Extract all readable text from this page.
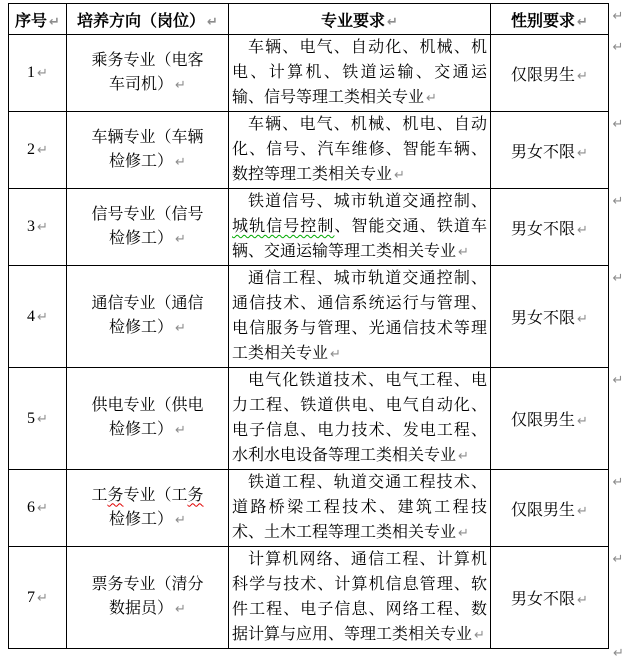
序号 ↵	培养方向（岗位） ↵	专业要求 ↵	性别要求 ↵
1 ↵	乘务专业（电客车司机） ↵	车辆、电气、自动化、机械、机电、计算机、铁道运输、交通运输、信号等理工类相关专业 ↵	仅限男生 ↵
2 ↵	车辆专业（车辆检修工） ↵	车辆、电气、机械、机电、自动化、信号、汽车维修、智能车辆、数控等理工类相关专业 ↵	男女不限 ↵
3 ↵	信号专业（信号检修工） ↵	铁道信号、城市轨道交通控制、城轨信号控制、智能交通、铁道车辆、交通运输等理工类相关专业 ↵	男女不限 ↵
4 ↵	通信专业（通信检修工） ↵	通信工程、城市轨道交通控制、通信技术、通信系统运行与管理、电信服务与管理、光通信技术等理工类相关专业 ↵	男女不限 ↵
5 ↵	供电专业（供电检修工） ↵	电气化铁道技术、电气工程、电力工程、铁道供电、电气自动化、电子信息、电力技术、发电工程、水利水电设备等理工类相关专业 ↵	仅限男生 ↵
6 ↵	工务专业（工务检修工） ↵	铁道工程、轨道交通工程技术、道路桥梁工程技术、建筑工程技术、土木工程等理工类相关专业 ↵	仅限男生 ↵
7 ↵	票务专业（清分数据员） ↵	计算机网络、通信工程、计算机科学与技术、计算机信息管理、软件工程、电子信息、网络工程、数据计算与应用、等理工类相关专业 ↵	男女不限 ↵
↵
↵
↵
↵
↵
↵
↵
↵
↵
